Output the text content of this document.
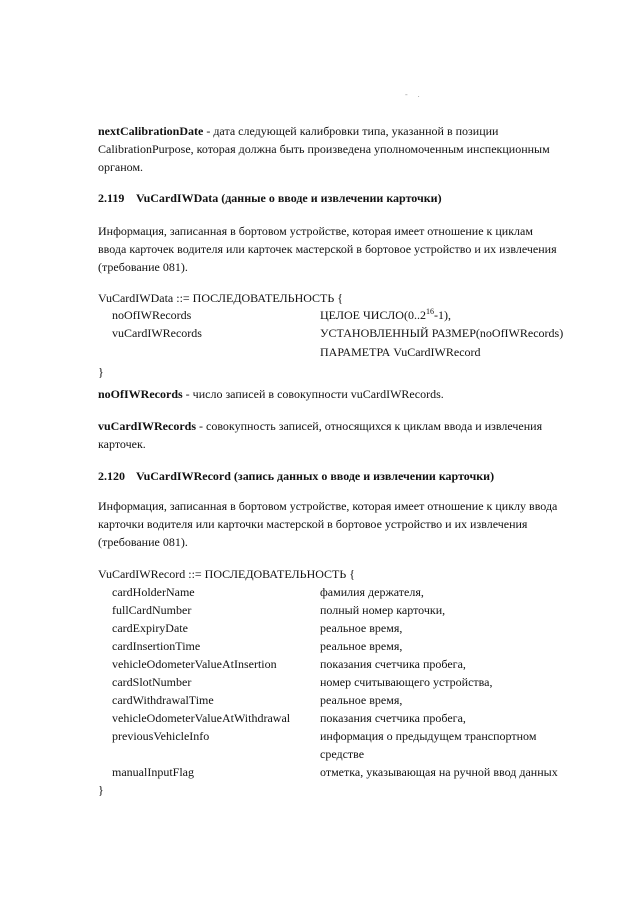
- .
nextCalibrationDate - дата следующей калибровки типа, указанной в позиции
CalibrationPurpose, которая должна быть произведена уполномоченным инспекционным
органом.
2.119 VuCardIWData (данные о вводе и извлечении карточки)
Информация, записанная в бортовом устройстве, которая имеет отношение к циклам
ввода карточек водителя или карточек мастерской в бортовое устройство и их извлечения
(требование 081).
VuCardIWData ::= ПОСЛЕДОВАТЕЛЬНОСТЬ {
noOfIWRecords	ЦЕЛОЕ ЧИСЛО(0..2$^{16}$-1),
vuCardIWRecords	УСТАНОВЛЕННЫЙ РАЗМЕР(noOfIWRecords)
ПАРАМЕТРА VuCardIWRecord
}
noOfIWRecords - число записей в совокупности vuCardIWRecords.
vuCardIWRecords - совокупность записей, относящихся к циклам ввода и извлечения
карточек.
2.120 VuCardIWRecord (запись данных о вводе и извлечении карточки)
Информация, записанная в бортовом устройстве, которая имеет отношение к циклу ввода
карточки водителя или карточки мастерской в бортовое устройство и их извлечения
(требование 081).
VuCardIWRecord ::= ПОСЛЕДОВАТЕЛЬНОСТЬ {
cardHolderName	фамилия держателя,
fullCardNumber	полный номер карточки,
cardExpiryDate	реальное время,
cardInsertionTime	реальное время,
vehicleOdometerValueAtInsertion	показания счетчика пробега,
cardSlotNumber	номер считывающего устройства,
cardWithdrawalTime	реальное время,
vehicleOdometerValueAtWithdrawal показания счетчика пробега,
previousVehicleInfo	информация о предыдущем транспортном
средстве
manualInputFlag	отметка, указывающая на ручной ввод данных
}
